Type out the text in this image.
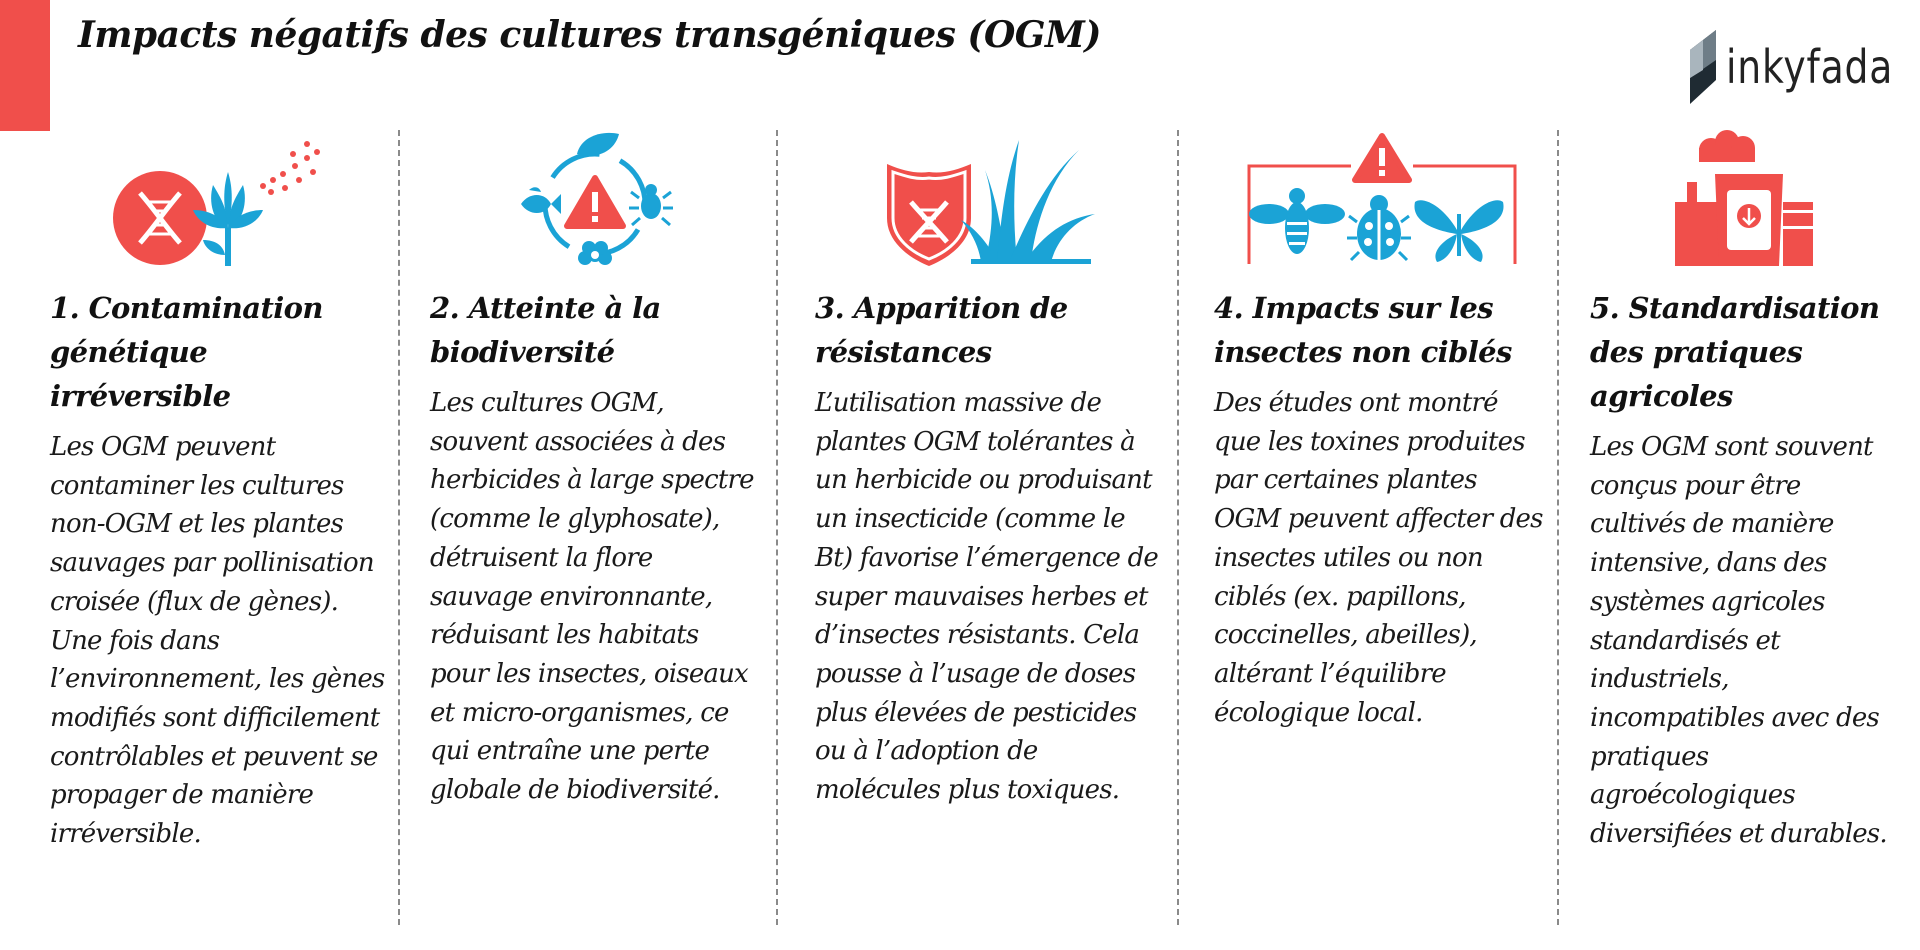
Impacts négatifs des cultures transgéniques (OGM)
inkyfada
1. Contamination génétique irréversible

Les OGM peuvent contaminer les cultures non-OGM et les plantes sauvages par pollinisation croisée (flux de gènes). Une fois dans l’environnement, les gènes modifiés sont difficilement contrôlables et peuvent se propager de manière irréversible.

2. Atteinte à la biodiversité

Les cultures OGM, souvent associées à des herbicides à large spectre (comme le glyphosate), détruisent la flore sauvage environnante, réduisant les habitats pour les insectes, oiseaux et micro-organismes, ce qui entraîne une perte globale de biodiversité.

3. Apparition de résistances

L’utilisation massive de plantes OGM tolérantes à un herbicide ou produisant un insecticide (comme le Bt) favorise l’émergence de super mauvaises herbes et d’insectes résistants. Cela pousse à l’usage de doses plus élevées de pesticides ou à l’adoption de molécules plus toxiques.

4. Impacts sur les insectes non ciblés

Des études ont montré que les toxines produites par certaines plantes OGM peuvent affecter des insectes utiles ou non ciblés (ex. papillons, coccinelles, abeilles), altérant l’équilibre écologique local.

5. Standardisation des pratiques agricoles

Les OGM sont souvent conçus pour être cultivés de manière intensive, dans des systèmes agricoles standardisés et industriels, incompatibles avec des pratiques agroécologiques diversifiées et durables.
